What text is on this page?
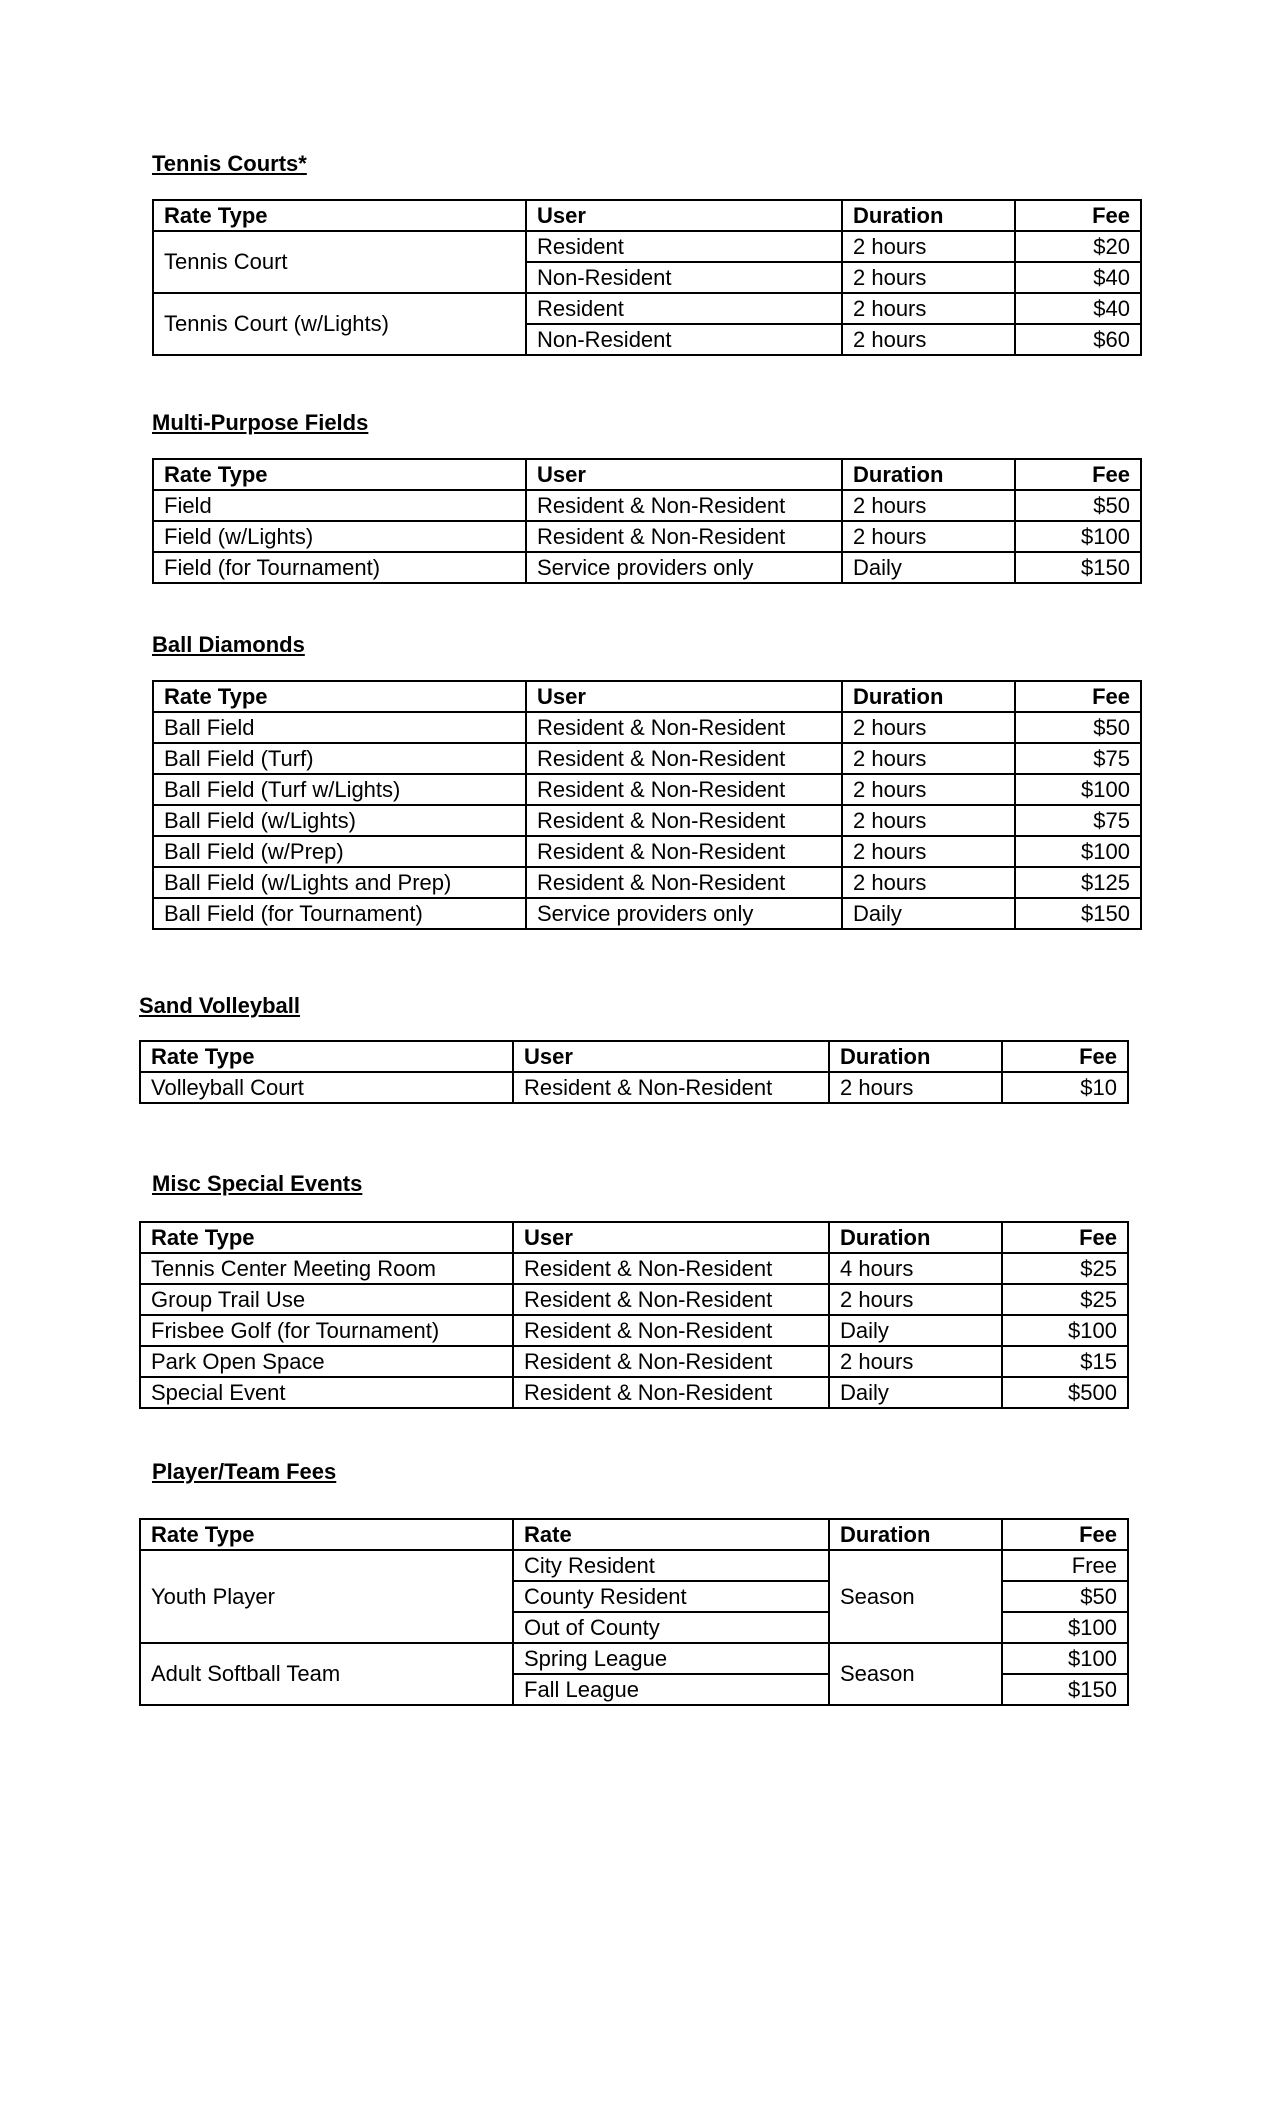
Tennis Courts*
Rate Type	User	Duration	Fee
Tennis Court	Resident	2 hours	$20
	Non-Resident	2 hours	$40
Tennis Court (w/Lights)	Resident	2 hours	$40
	Non-Resident	2 hours	$60
Multi-Purpose Fields
Rate Type	User	Duration	Fee
Field	Resident & Non-Resident	2 hours	$50
Field (w/Lights)	Resident & Non-Resident	2 hours	$100
Field (for Tournament)	Service providers only	Daily	$150
Ball Diamonds
Rate Type	User	Duration	Fee
Ball Field	Resident & Non-Resident	2 hours	$50
Ball Field (Turf)	Resident & Non-Resident	2 hours	$75
Ball Field (Turf w/Lights)	Resident & Non-Resident	2 hours	$100
Ball Field (w/Lights)	Resident & Non-Resident	2 hours	$75
Ball Field (w/Prep)	Resident & Non-Resident	2 hours	$100
Ball Field (w/Lights and Prep)	Resident & Non-Resident	2 hours	$125
Ball Field (for Tournament)	Service providers only	Daily	$150
Sand Volleyball
Rate Type	User	Duration	Fee
Volleyball Court	Resident & Non-Resident	2 hours	$10
Misc Special Events
Rate Type	User	Duration	Fee
Tennis Center Meeting Room	Resident & Non-Resident	4 hours	$25
Group Trail Use	Resident & Non-Resident	2 hours	$25
Frisbee Golf (for Tournament)	Resident & Non-Resident	Daily	$100
Park Open Space	Resident & Non-Resident	2 hours	$15
Special Event	Resident & Non-Resident	Daily	$500
Player/Team Fees
Rate Type	Rate	Duration	Fee
Youth Player	City Resident	Season	Free
	County Resident		$50
	Out of County		$100
Adult Softball Team	Spring League	Season	$100
	Fall League		$150
